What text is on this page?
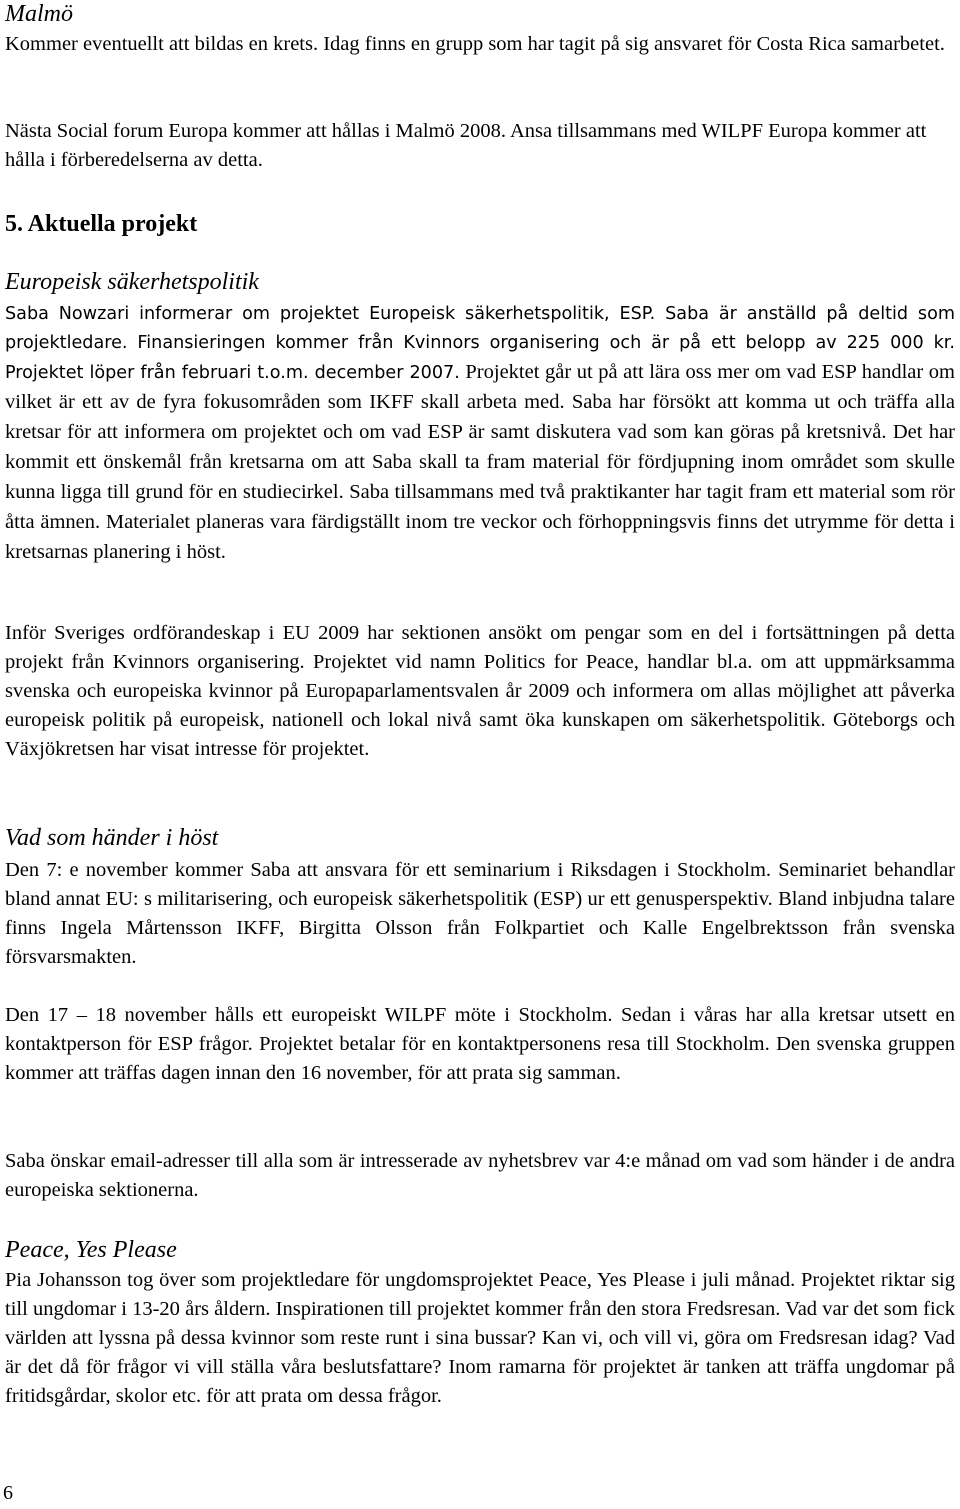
Malmö

Kommer eventuellt att bildas en krets. Idag finns en grupp som har tagit på sig ansvaret för Costa Rica samarbetet.

Nästa Social forum Europa kommer att hållas i Malmö 2008. Ansa tillsammans med WILPF Europa kommer att hålla i förberedelserna av detta.

5. Aktuella projekt
Europeisk säkerhetspolitik

Saba Nowzari informerar om projektet Europeisk säkerhetspolitik, ESP. Saba är anställd på deltid som projektledare. Finansieringen kommer från Kvinnors organisering och är på ett belopp av 225 000 kr. Projektet löper från februari t.o.m. december 2007. Projektet går ut på att lära oss mer om vad ESP handlar om vilket är ett av de fyra fokusområden som IKFF skall arbeta med. Saba har försökt att komma ut och träffa alla kretsar för att informera om projektet och om vad ESP är samt diskutera vad som kan göras på kretsnivå. Det har kommit ett önskemål från kretsarna om att Saba skall ta fram material för fördjupning inom området som skulle kunna ligga till grund för en studiecirkel. Saba tillsammans med två praktikanter har tagit fram ett material som rör åtta ämnen. Materialet planeras vara färdigställt inom tre veckor och förhoppningsvis finns det utrymme för detta i kretsarnas planering i höst.

Inför Sveriges ordförandeskap i EU 2009 har sektionen ansökt om pengar som en del i fortsättningen på detta projekt från Kvinnors organisering. Projektet vid namn Politics for Peace, handlar bl.a. om att uppmärksamma svenska och europeiska kvinnor på Europaparlamentsvalen år 2009 och informera om allas möjlighet att påverka europeisk politik på europeisk, nationell och lokal nivå samt öka kunskapen om säkerhetspolitik. Göteborgs och Växjökretsen har visat intresse för projektet.

Vad som händer i höst

Den 7: e november kommer Saba att ansvara för ett seminarium i Riksdagen i Stockholm. Seminariet behandlar bland annat EU: s militarisering, och europeisk säkerhetspolitik (ESP) ur ett genusperspektiv. Bland inbjudna talare finns Ingela Mårtensson IKFF, Birgitta Olsson från Folkpartiet och Kalle Engelbrektsson från svenska försvarsmakten.

Den 17 – 18 november hålls ett europeiskt WILPF möte i Stockholm. Sedan i våras har alla kretsar utsett en kontaktperson för ESP frågor. Projektet betalar för en kontaktpersonens resa till Stockholm. Den svenska gruppen kommer att träffas dagen innan den 16 november, för att prata sig samman.

Saba önskar email-adresser till alla som är intresserade av nyhetsbrev var 4:e månad om vad som händer i de andra europeiska sektionerna.

Peace, Yes Please

Pia Johansson tog över som projektledare för ungdomsprojektet Peace, Yes Please i juli månad. Projektet riktar sig till ungdomar i 13-20 års åldern. Inspirationen till projektet kommer från den stora Fredsresan. Vad var det som fick världen att lyssna på dessa kvinnor som reste runt i sina bussar? Kan vi, och vill vi, göra om Fredsresan idag? Vad är det då för frågor vi vill ställa våra beslutsfattare? Inom ramarna för projektet är tanken att träffa ungdomar på fritidsgårdar, skolor etc. för att prata om dessa frågor.

6
